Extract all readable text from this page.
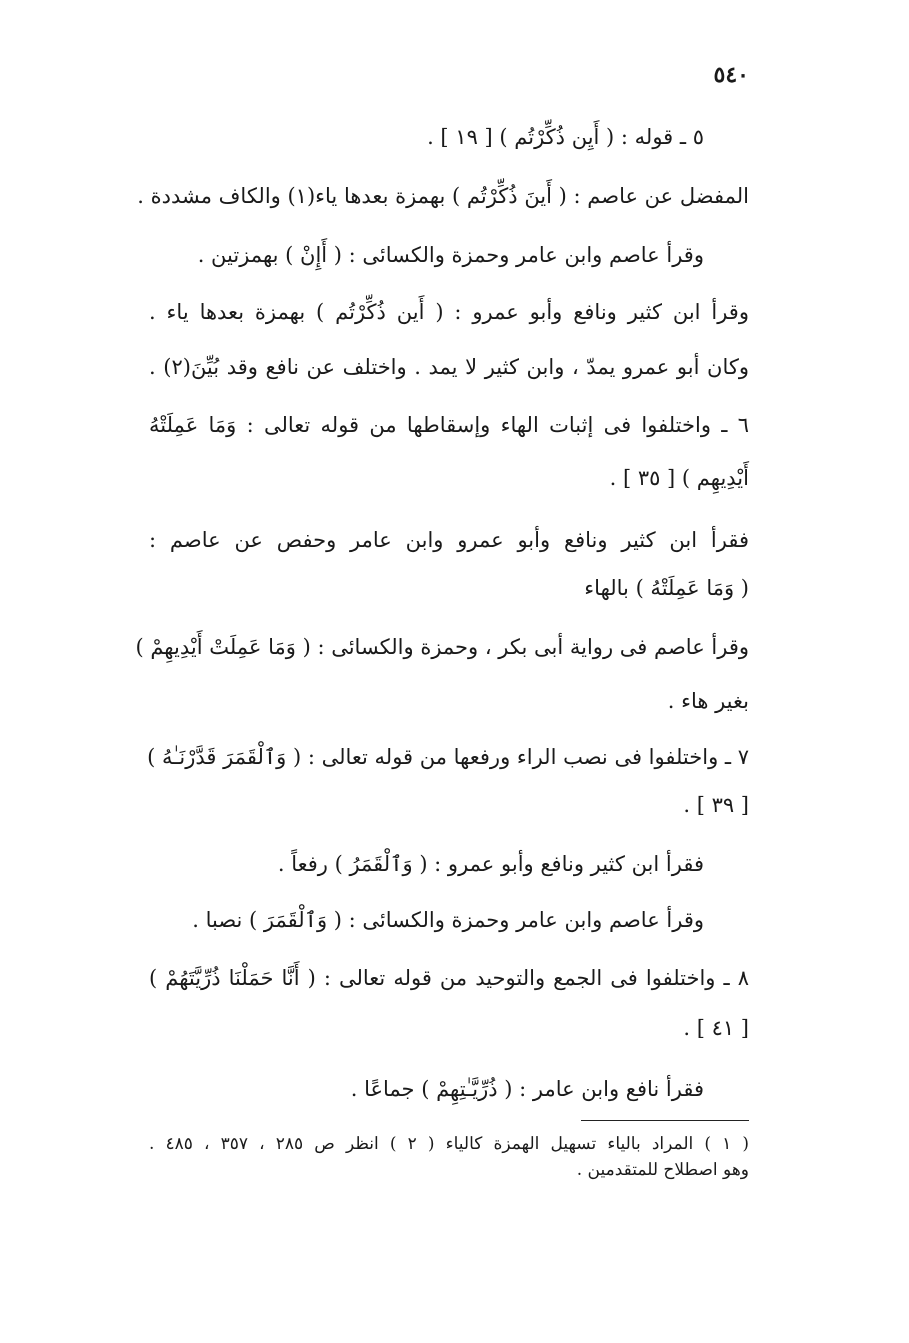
٥٤٠
٥ ـ قوله : ( أَيِن ذُكِّرْتُم ) [ ١٩ ] .
المفضل عن عاصم : ( أَينَ ذُكِّرْتُم ) بهمزة بعدها ياء(١) والكاف مشددة .
وقرأ عاصم وابن عامر وحمزة والكسائى : ( أَإِنْ ) بهمزتين .
وقرأ ابن كثير ونافع وأبو عمرو : ( أَين ذُكِّرْتُم ) بهمزة بعدها ياء .
وكان أبو عمرو يمدّ ، وابن كثير لا يمد . واختلف عن نافع وقد بُيِّنَ(٢) .
٦ ـ واختلفوا فى إثبات الهاء وإسقاطها من قوله تعالى : وَمَا عَمِلَتْهُ
أَيْدِيهِم ) [ ٣٥ ] .
فقرأ ابن كثير ونافع وأبو عمرو وابن عامر وحفص عن عاصم :
( وَمَا عَمِلَتْهُ ) بالهاء
وقرأ عاصم فى رواية أبى بكر ، وحمزة والكسائى : ( وَمَا عَمِلَتْ أَيْدِيهِمْ )
بغير هاء .
٧ ـ واختلفوا فى نصب الراء ورفعها من قوله تعالى : ( وَٱلْقَمَرَ قَدَّرْنَـٰهُ )
[ ٣٩ ] .
فقرأ ابن كثير ونافع وأبو عمرو : ( وَٱلْقَمَرُ ) رفعاً .
وقرأ عاصم وابن عامر وحمزة والكسائى : ( وَٱلْقَمَرَ ) نصبا .
٨ ـ واختلفوا فى الجمع والتوحيد من قوله تعالى : ( أَنَّا حَمَلْنَا ذُرِّيَّتَهُمْ )
[ ٤١ ] .
فقرأ نافع وابن عامر : ( ذُرِّيَّـٰتِهِمْ ) جماعًا .
( ١ ) المراد بالياء تسهيل الهمزة كالياء ( ٢ ) انظر ص ٢٨٥ ، ٣٥٧ ، ٤٨٥ .
وهو اصطلاح للمتقدمين .
